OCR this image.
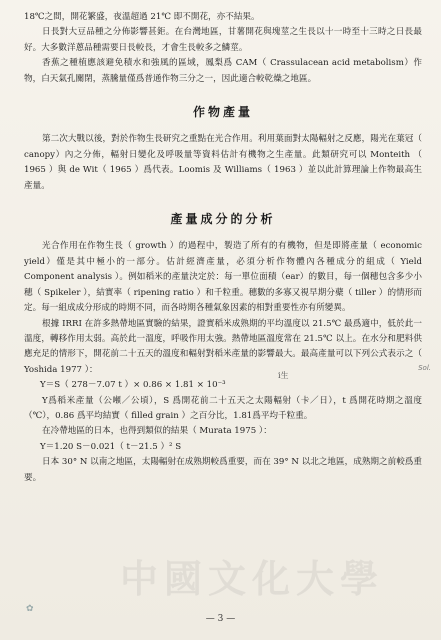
18℃之間，開花繁盛，夜溫超過 21℃ 即不開花，亦不結果。

日長對大豆品種之分佈影響甚鉅。在台灣地區，甘薯開花與塊莖之生長以十一時至十三時之日長最好。大多數洋蔥品種需要日長較長，才會生長較多之鱗莖。

香蕉之種植應該避免積水和強風的區域，鳳梨爲 CAM（ Crassulacean acid metabolism）作物，白天氣孔關閉，蒸騰量僅爲普通作物三分之一，因此適合較乾燥之地區。

作物產量

第二次大戰以後，對於作物生長研究之重點在光合作用。利用葉面對太陽輻射之反應，陽光在葉冠（ canopy）內之分佈，輻射日變化及呼吸量等資料估計有機物之生產量。此類研究可以 Monteith （ 1965 ）與 de Wit（ 1965 ）爲代表。Loomis 及 Williams（ 1963 ）並以此計算理論上作物最高生產量。

產量成分的分析

光合作用在作物生長（ growth ）的過程中，製造了所有的有機物，但是即將產量（ economic yield）僅是其中極小的一部分。估計經濟產量，必須分析作物體內各種成分的組成（ Yield Component analysis ）。例如稻米的產量決定於：每一單位面積（ear）的數目，每一個穗包含多少小穗（ Spikeler ），結實率（ ripening ratio ）和千粒重。穗數的多寡又視早期分蘗（ tiller ）的情形而定。每一組成成分形成的時期不同，而各時期各種氣象因素的相對重要性亦有所變異。

根據 IRRI 在許多熱帶地區實驗的結果，證實稻米成熟期的平均溫度以 21.5℃ 最爲適中，低於此一溫度，轉移作用太弱。高於此一溫度，呼吸作用太強。熱帶地區溫度常在 21.5℃ 以上。在水分和肥料供應充足的情形下，開花前二十五天的溫度和輻射對稻米產量的影響最大。最高產量可以下列公式表示之（ Yoshida 1977 ）：

Y＝S（ 278－7.07 t ）× 0.86 × 1.81 × 10⁻³

Y爲稻米產量（公噸／公頃），S 爲開花前二十五天之太陽輻射（卡／日），t 爲開花時期之溫度（℃），0.86 爲平均結實（ filled grain ）之百分比，1.81爲平均千粒重。

在冷帶地區的日本，也得到類似的結果（ Murata 1975 ）：

Y＝1.20 S－0.021（ t－21.5 ）² S

日本 30° N 以南之地區，太陽輻射在成熟期較爲重要，而在 39° N 以北之地區，成熟期之前較爲重要。

Sol.
i生
中國文化大學
✿
— 3 —
